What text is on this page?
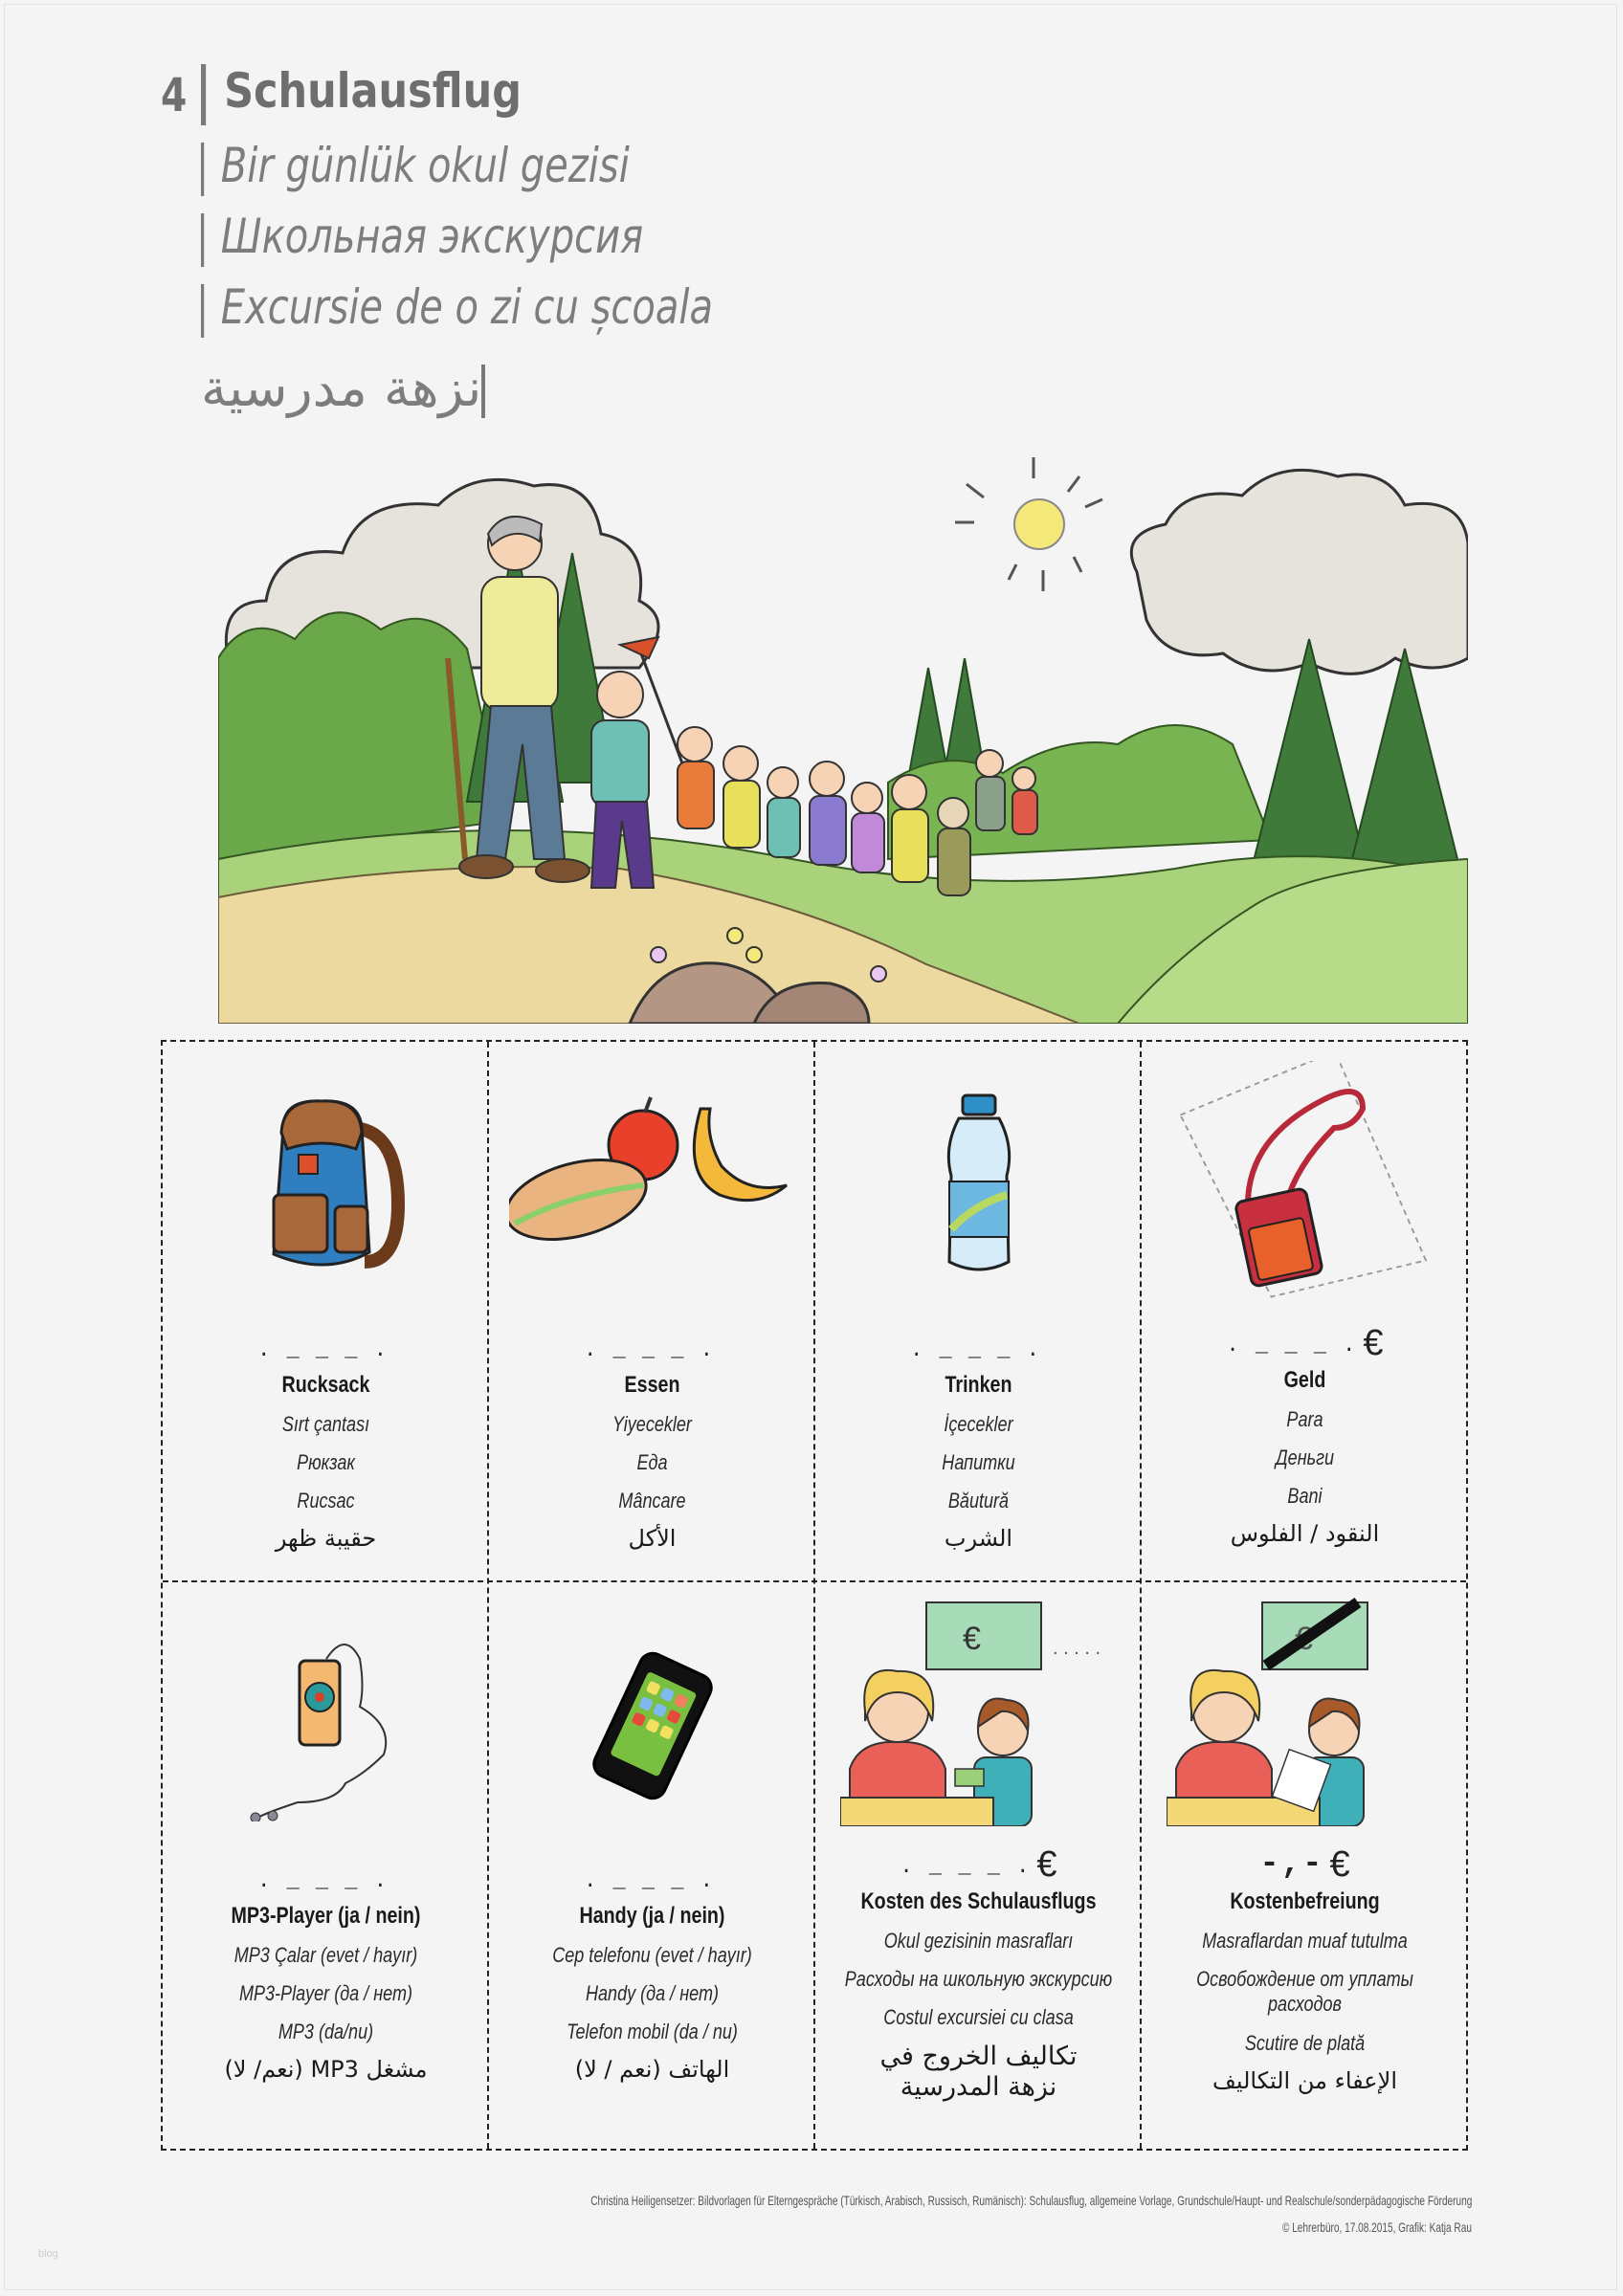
4 Schulausflug
Bir günlük okul gezisi
Школьная экскурсия
Excursie de o zi cu școala
نزهة مدرسية
. _ _ _ .
Rucksack
Sırt çantası
Рюкзак
Rucsac
حقيبة ظهر
. _ _ _ .
Essen
Yiyecekler
Еда
Mâncare
الأكل
. _ _ _ .
Trinken
İçecekler
Напитки
Băutură
الشرب
. _ _ _ . €
Geld
Para
Деньги
Bani
النقود / الفلوس
. _ _ _ .
MP3-Player (ja / nein)
MP3 Çalar (evet / hayır)
MP3-Player (да / нет)
MP3 (da/nu)
مشغل MP3 (نعم/ لا)
. _ _ _ .
Handy (ja / nein)
Cep telefonu (evet / hayır)
Handy (да / нет)
Telefon mobil (da / nu)
الهاتف (نعم / لا)
€	. . . . .
. _ _ _ . €
Kosten des Schulausflugs
Okul gezisinin masrafları
Расходы на школьную экскурсию
Costul excursiei cu clasa
تكاليف الخروج في نزهة المدرسية
-,- €
Kostenbefreiung
Masraflardan muaf tutulma
Освобождение от уплаты расходов
Scutire de plată
الإعفاء من التكاليف
Christina Heiligensetzer: Bildvorlagen für Elterngespräche (Türkisch, Arabisch, Russisch, Rumänisch): Schulausflug, allgemeine Vorlage, Grundschule/Haupt- und Realschule/sonderpädagogische Förderung
© Lehrerbüro, 17.08.2015, Grafik: Katja Rau
blog
